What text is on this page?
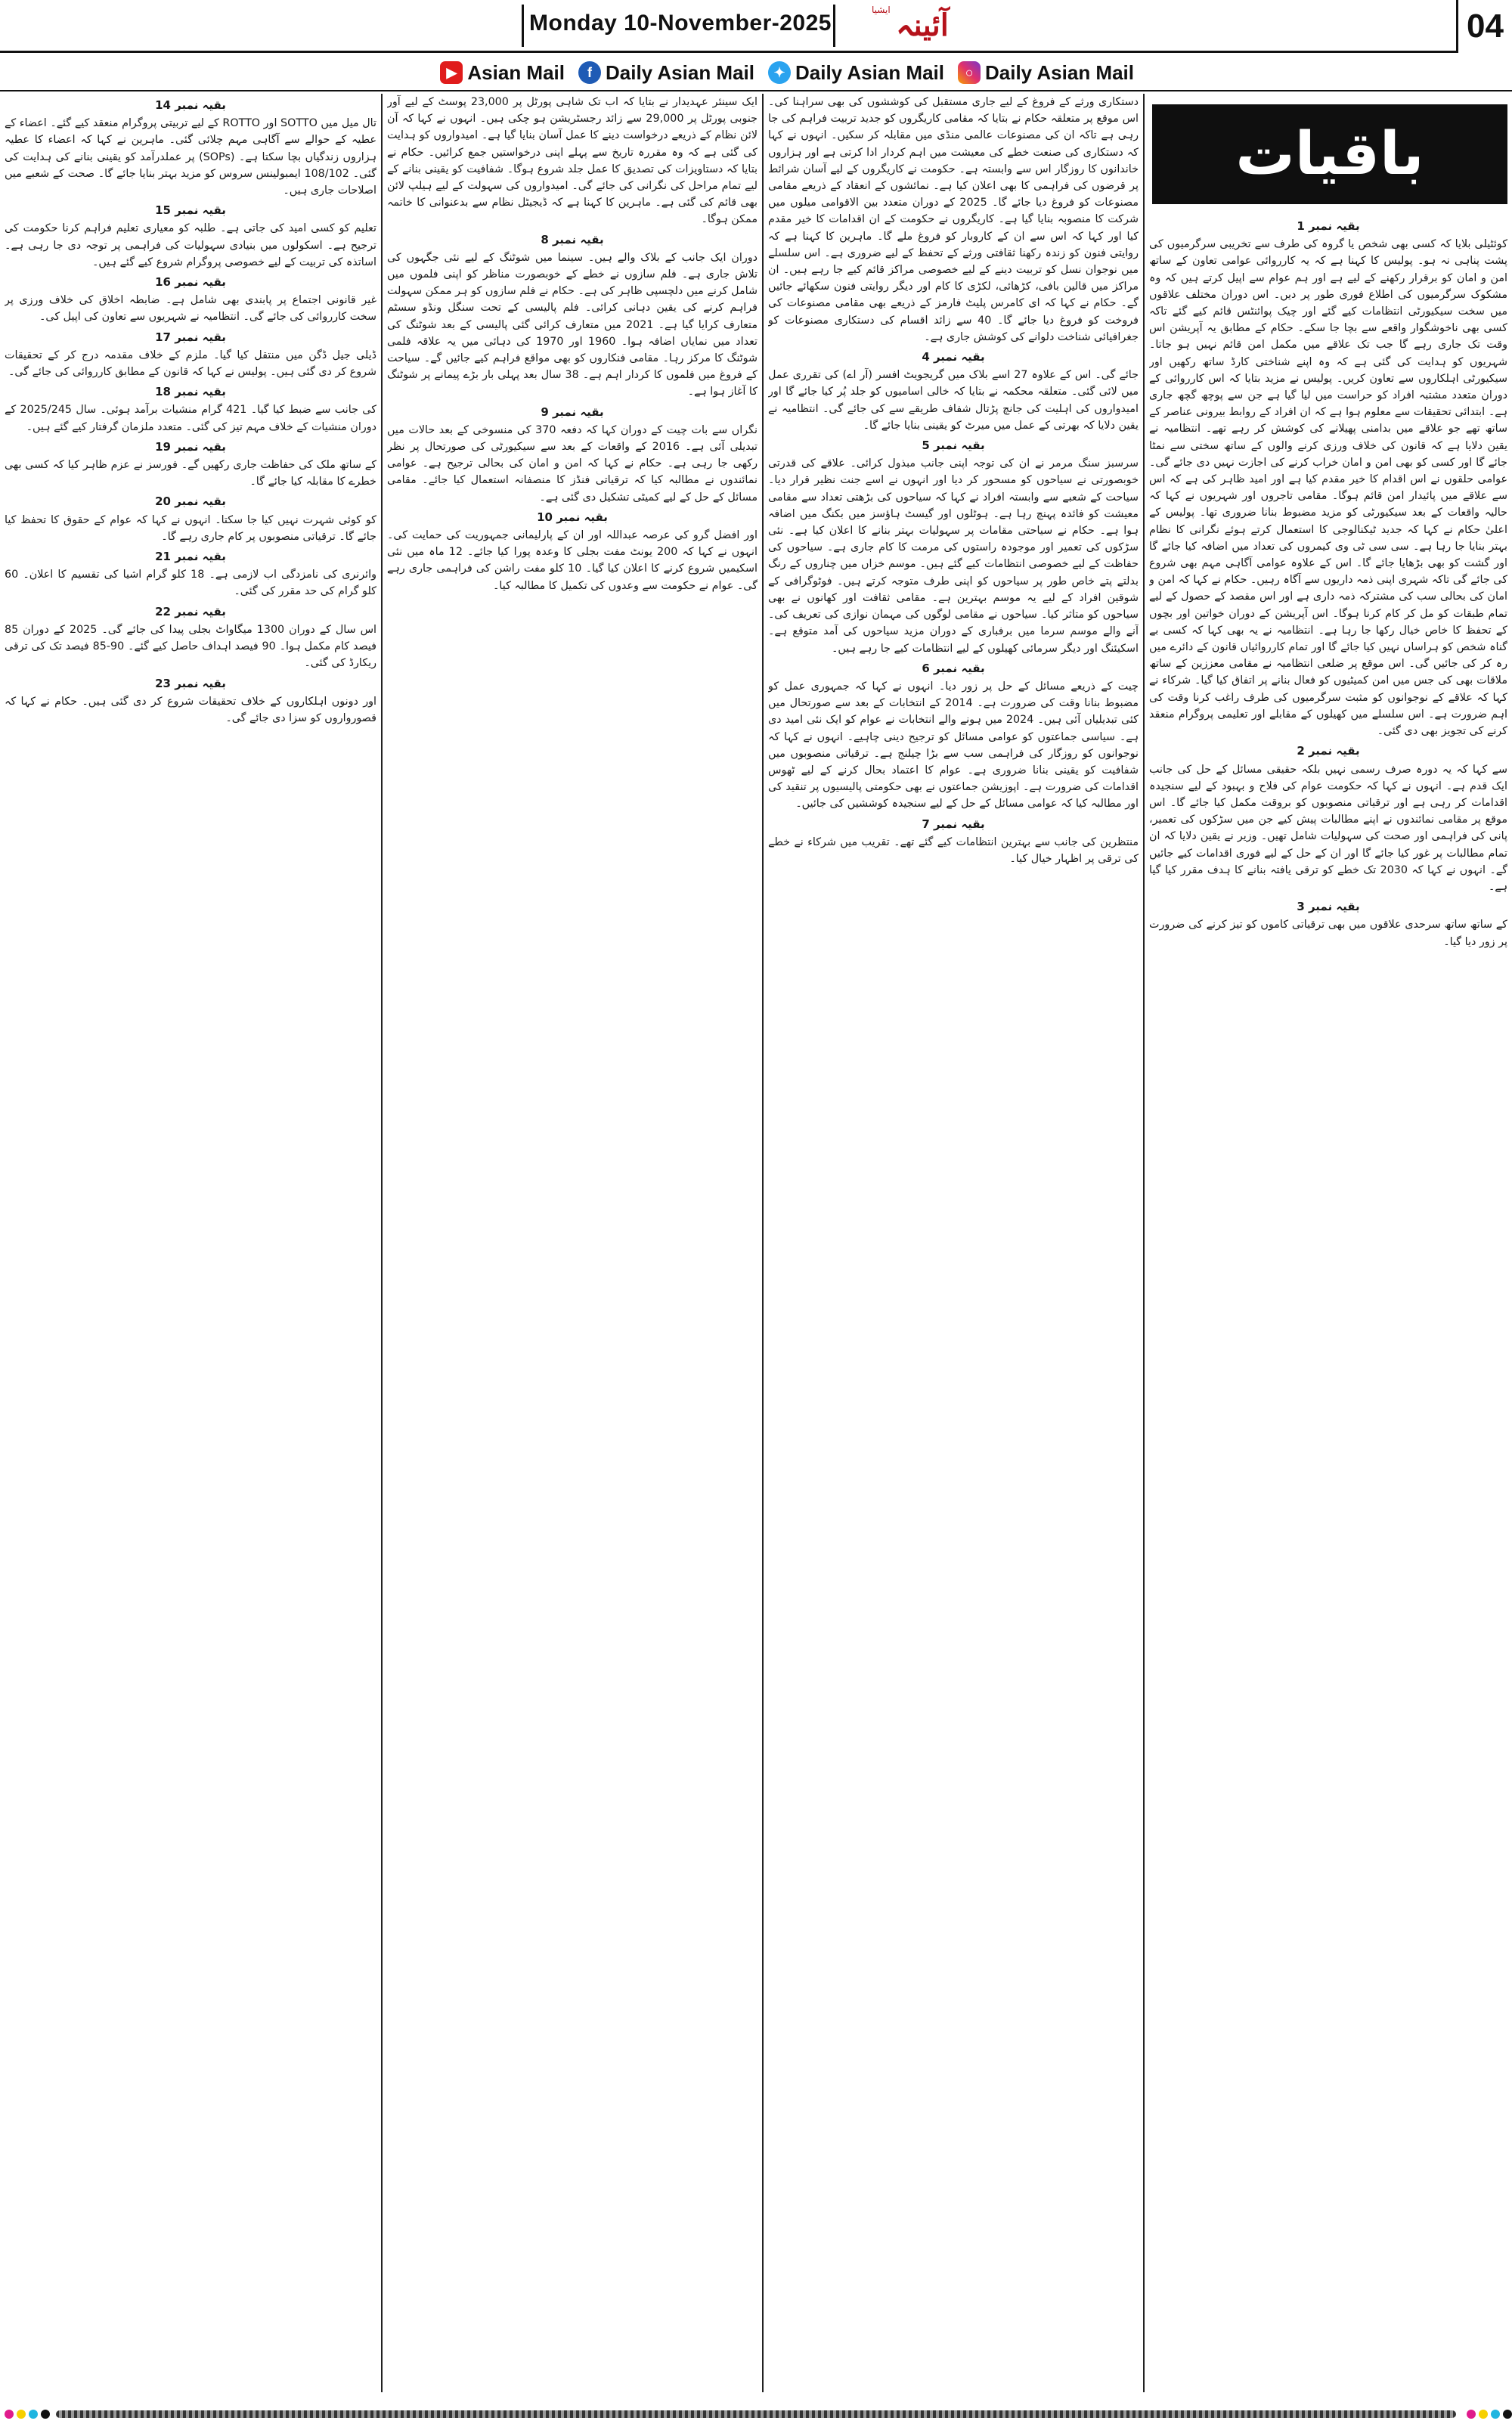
Monday 10-November-2025
ایشیا آئینہ	04
▶ Asian Mail	f Daily Asian Mail	✦ Daily Asian Mail	○ Daily Asian Mail
بقیہ نمبر 1

کوئٹیلی بلایا کہ کسی بھی شخص یا گروہ کی طرف سے تخریبی سرگرمیوں کی پشت پناہی نہ ہو۔ پولیس کا کہنا ہے کہ یہ کارروائی عوامی تعاون کے ساتھ امن و امان کو برقرار رکھنے کے لیے ہے اور ہم عوام سے اپیل کرتے ہیں کہ وہ مشکوک سرگرمیوں کی اطلاع فوری طور پر دیں۔ اس دوران مختلف علاقوں میں سخت سیکیورٹی انتظامات کیے گئے اور چیک پوائنٹس قائم کیے گئے تاکہ کسی بھی ناخوشگوار واقعے سے بچا جا سکے۔ حکام کے مطابق یہ آپریشن اس وقت تک جاری رہے گا جب تک علاقے میں مکمل امن قائم نہیں ہو جاتا۔ شہریوں کو ہدایت کی گئی ہے کہ وہ اپنے شناختی کارڈ ساتھ رکھیں اور سیکیورٹی اہلکاروں سے تعاون کریں۔ پولیس نے مزید بتایا کہ اس کارروائی کے دوران متعدد مشتبہ افراد کو حراست میں لیا گیا ہے جن سے پوچھ گچھ جاری ہے۔ ابتدائی تحقیقات سے معلوم ہوا ہے کہ ان افراد کے روابط بیرونی عناصر کے ساتھ تھے جو علاقے میں بدامنی پھیلانے کی کوشش کر رہے تھے۔ انتظامیہ نے یقین دلایا ہے کہ قانون کی خلاف ورزی کرنے والوں کے ساتھ سختی سے نمٹا جائے گا اور کسی کو بھی امن و امان خراب کرنے کی اجازت نہیں دی جائے گی۔ عوامی حلقوں نے اس اقدام کا خیر مقدم کیا ہے اور امید ظاہر کی ہے کہ اس سے علاقے میں پائیدار امن قائم ہوگا۔ مقامی تاجروں اور شہریوں نے کہا کہ حالیہ واقعات کے بعد سیکیورٹی کو مزید مضبوط بنانا ضروری تھا۔ پولیس کے اعلیٰ حکام نے کہا کہ جدید ٹیکنالوجی کا استعمال کرتے ہوئے نگرانی کا نظام بہتر بنایا جا رہا ہے۔ سی سی ٹی وی کیمروں کی تعداد میں اضافہ کیا جائے گا اور گشت کو بھی بڑھایا جائے گا۔ اس کے علاوہ عوامی آگاہی مہم بھی شروع کی جائے گی تاکہ شہری اپنی ذمہ داریوں سے آگاہ رہیں۔ حکام نے کہا کہ امن و امان کی بحالی سب کی مشترکہ ذمہ داری ہے اور اس مقصد کے حصول کے لیے تمام طبقات کو مل کر کام کرنا ہوگا۔ اس آپریشن کے دوران خواتین اور بچوں کے تحفظ کا خاص خیال رکھا جا رہا ہے۔ انتظامیہ نے یہ بھی کہا کہ کسی بے گناہ شخص کو ہراساں نہیں کیا جائے گا اور تمام کارروائیاں قانون کے دائرے میں رہ کر کی جائیں گی۔ اس موقع پر ضلعی انتظامیہ نے مقامی معززین کے ساتھ ملاقات بھی کی جس میں امن کمیٹیوں کو فعال بنانے پر اتفاق کیا گیا۔ شرکاء نے کہا کہ علاقے کے نوجوانوں کو مثبت سرگرمیوں کی طرف راغب کرنا وقت کی اہم ضرورت ہے۔ اس سلسلے میں کھیلوں کے مقابلے اور تعلیمی پروگرام منعقد کرنے کی تجویز بھی دی گئی۔

بقیہ نمبر 2

سے کہا کہ یہ دورہ صرف رسمی نہیں بلکہ حقیقی مسائل کے حل کی جانب ایک قدم ہے۔ انہوں نے کہا کہ حکومت عوام کی فلاح و بہبود کے لیے سنجیدہ اقدامات کر رہی ہے اور ترقیاتی منصوبوں کو بروقت مکمل کیا جائے گا۔ اس موقع پر مقامی نمائندوں نے اپنے مطالبات پیش کیے جن میں سڑکوں کی تعمیر، پانی کی فراہمی اور صحت کی سہولیات شامل تھیں۔ وزیر نے یقین دلایا کہ ان تمام مطالبات پر غور کیا جائے گا اور ان کے حل کے لیے فوری اقدامات کیے جائیں گے۔ انہوں نے کہا کہ 2030 تک خطے کو ترقی یافتہ بنانے کا ہدف مقرر کیا گیا ہے۔

بقیہ نمبر 3

کے ساتھ ساتھ سرحدی علاقوں میں بھی ترقیاتی کاموں کو تیز کرنے کی ضرورت پر زور دیا گیا۔

دستکاری ورثے کے فروغ کے لیے جاری مستقبل کی کوششوں کی بھی سراہنا کی۔ اس موقع پر متعلقہ حکام نے بتایا کہ مقامی کاریگروں کو جدید تربیت فراہم کی جا رہی ہے تاکہ ان کی مصنوعات عالمی منڈی میں مقابلہ کر سکیں۔ انہوں نے کہا کہ دستکاری کی صنعت خطے کی معیشت میں اہم کردار ادا کرتی ہے اور ہزاروں خاندانوں کا روزگار اس سے وابستہ ہے۔ حکومت نے کاریگروں کے لیے آسان شرائط پر قرضوں کی فراہمی کا بھی اعلان کیا ہے۔ نمائشوں کے انعقاد کے ذریعے مقامی مصنوعات کو فروغ دیا جائے گا۔ 2025 کے دوران متعدد بین الاقوامی میلوں میں شرکت کا منصوبہ بنایا گیا ہے۔ کاریگروں نے حکومت کے ان اقدامات کا خیر مقدم کیا اور کہا کہ اس سے ان کے کاروبار کو فروغ ملے گا۔ ماہرین کا کہنا ہے کہ روایتی فنون کو زندہ رکھنا ثقافتی ورثے کے تحفظ کے لیے ضروری ہے۔ اس سلسلے میں نوجوان نسل کو تربیت دینے کے لیے خصوصی مراکز قائم کیے جا رہے ہیں۔ ان مراکز میں قالین بافی، کڑھائی، لکڑی کا کام اور دیگر روایتی فنون سکھائے جائیں گے۔ حکام نے کہا کہ ای کامرس پلیٹ فارمز کے ذریعے بھی مقامی مصنوعات کی فروخت کو فروغ دیا جائے گا۔ 40 سے زائد اقسام کی دستکاری مصنوعات کو جغرافیائی شناخت دلوانے کی کوشش جاری ہے۔

بقیہ نمبر 4

جائے گی۔ اس کے علاوہ 27 اسے بلاک میں گریجویٹ افسر (آر اے) کی تقرری عمل میں لائی گئی۔ متعلقہ محکمہ نے بتایا کہ خالی اسامیوں کو جلد پُر کیا جائے گا اور امیدواروں کی اہلیت کی جانچ پڑتال شفاف طریقے سے کی جائے گی۔ انتظامیہ نے یقین دلایا کہ بھرتی کے عمل میں میرٹ کو یقینی بنایا جائے گا۔

بقیہ نمبر 5

سرسبز سنگ مرمر نے ان کی توجہ اپنی جانب مبذول کرائی۔ علاقے کی قدرتی خوبصورتی نے سیاحوں کو مسحور کر دیا اور انہوں نے اسے جنت نظیر قرار دیا۔ سیاحت کے شعبے سے وابستہ افراد نے کہا کہ سیاحوں کی بڑھتی تعداد سے مقامی معیشت کو فائدہ پہنچ رہا ہے۔ ہوٹلوں اور گیسٹ ہاؤسز میں بکنگ میں اضافہ ہوا ہے۔ حکام نے سیاحتی مقامات پر سہولیات بہتر بنانے کا اعلان کیا ہے۔ نئی سڑکوں کی تعمیر اور موجودہ راستوں کی مرمت کا کام جاری ہے۔ سیاحوں کی حفاظت کے لیے خصوصی انتظامات کیے گئے ہیں۔ موسم خزاں میں چناروں کے رنگ بدلتے پتے خاص طور پر سیاحوں کو اپنی طرف متوجہ کرتے ہیں۔ فوٹوگرافی کے شوقین افراد کے لیے یہ موسم بہترین ہے۔ مقامی ثقافت اور کھانوں نے بھی سیاحوں کو متاثر کیا۔ سیاحوں نے مقامی لوگوں کی مہمان نوازی کی تعریف کی۔ آنے والے موسم سرما میں برفباری کے دوران مزید سیاحوں کی آمد متوقع ہے۔ اسکیئنگ اور دیگر سرمائی کھیلوں کے لیے انتظامات کیے جا رہے ہیں۔

بقیہ نمبر 6

چیت کے ذریعے مسائل کے حل پر زور دیا۔ انہوں نے کہا کہ جمہوری عمل کو مضبوط بنانا وقت کی ضرورت ہے۔ 2014 کے انتخابات کے بعد سے صورتحال میں کئی تبدیلیاں آئی ہیں۔ 2024 میں ہونے والے انتخابات نے عوام کو ایک نئی امید دی ہے۔ سیاسی جماعتوں کو عوامی مسائل کو ترجیح دینی چاہیے۔ انہوں نے کہا کہ نوجوانوں کو روزگار کی فراہمی سب سے بڑا چیلنج ہے۔ ترقیاتی منصوبوں میں شفافیت کو یقینی بنانا ضروری ہے۔ عوام کا اعتماد بحال کرنے کے لیے ٹھوس اقدامات کی ضرورت ہے۔ اپوزیشن جماعتوں نے بھی حکومتی پالیسیوں پر تنقید کی اور مطالبہ کیا کہ عوامی مسائل کے حل کے لیے سنجیدہ کوششیں کی جائیں۔

بقیہ نمبر 7

منتظرین کی جانب سے بہترین انتظامات کیے گئے تھے۔ تقریب میں شرکاء نے خطے کی ترقی پر اظہار خیال کیا۔

ایک سینئر عہدیدار نے بتایا کہ اب تک شاہی پورٹل پر 23,000 پوسٹ کے لیے آور جنوبی پورٹل پر 29,000 سے زائد رجسٹریشن ہو چکی ہیں۔ انہوں نے کہا کہ آن لائن نظام کے ذریعے درخواست دینے کا عمل آسان بنایا گیا ہے۔ امیدواروں کو ہدایت کی گئی ہے کہ وہ مقررہ تاریخ سے پہلے اپنی درخواستیں جمع کرائیں۔ حکام نے بتایا کہ دستاویزات کی تصدیق کا عمل جلد شروع ہوگا۔ شفافیت کو یقینی بنانے کے لیے تمام مراحل کی نگرانی کی جائے گی۔ امیدواروں کی سہولت کے لیے ہیلپ لائن بھی قائم کی گئی ہے۔ ماہرین کا کہنا ہے کہ ڈیجیٹل نظام سے بدعنوانی کا خاتمہ ممکن ہوگا۔

بقیہ نمبر 8

دوران ایک جانب کے بلاک والے ہیں۔ سینما میں شوٹنگ کے لیے نئی جگہوں کی تلاش جاری ہے۔ فلم سازوں نے خطے کے خوبصورت مناظر کو اپنی فلموں میں شامل کرنے میں دلچسپی ظاہر کی ہے۔ حکام نے فلم سازوں کو ہر ممکن سہولت فراہم کرنے کی یقین دہانی کرائی۔ فلم پالیسی کے تحت سنگل ونڈو سسٹم متعارف کرایا گیا ہے۔ 2021 میں متعارف کرائی گئی پالیسی کے بعد شوٹنگ کی تعداد میں نمایاں اضافہ ہوا۔ 1960 اور 1970 کی دہائی میں یہ علاقہ فلمی شوٹنگ کا مرکز رہا۔ مقامی فنکاروں کو بھی مواقع فراہم کیے جائیں گے۔ سیاحت کے فروغ میں فلموں کا کردار اہم ہے۔ 38 سال بعد پہلی بار بڑے پیمانے پر شوٹنگ کا آغاز ہوا ہے۔

بقیہ نمبر 9

نگراں سے بات چیت کے دوران کہا کہ دفعہ 370 کی منسوخی کے بعد حالات میں تبدیلی آئی ہے۔ 2016 کے واقعات کے بعد سے سیکیورٹی کی صورتحال پر نظر رکھی جا رہی ہے۔ حکام نے کہا کہ امن و امان کی بحالی ترجیح ہے۔ عوامی نمائندوں نے مطالبہ کیا کہ ترقیاتی فنڈز کا منصفانہ استعمال کیا جائے۔ مقامی مسائل کے حل کے لیے کمیٹی تشکیل دی گئی ہے۔

بقیہ نمبر 10

اور افضل گرو کی عرصہ عبداللہ اور ان کے پارلیمانی جمہوریت کی حمایت کی۔ انہوں نے کہا کہ 200 یونٹ مفت بجلی کا وعدہ پورا کیا جائے۔ 12 ماہ میں نئی اسکیمیں شروع کرنے کا اعلان کیا گیا۔ 10 کلو مفت راشن کی فراہمی جاری رہے گی۔ عوام نے حکومت سے وعدوں کی تکمیل کا مطالبہ کیا۔

بقیہ نمبر 14

تال میل میں SOTTO اور ROTTO کے لیے تربیتی پروگرام منعقد کیے گئے۔ اعضاء کے عطیہ کے حوالے سے آگاہی مہم چلائی گئی۔ ماہرین نے کہا کہ اعضاء کا عطیہ ہزاروں زندگیاں بچا سکتا ہے۔ (SOPs) پر عملدرآمد کو یقینی بنانے کی ہدایت کی گئی۔ 108/102 ایمبولینس سروس کو مزید بہتر بنایا جائے گا۔ صحت کے شعبے میں اصلاحات جاری ہیں۔

بقیہ نمبر 15

تعلیم کو کسی امید کی جاتی ہے۔ طلبہ کو معیاری تعلیم فراہم کرنا حکومت کی ترجیح ہے۔ اسکولوں میں بنیادی سہولیات کی فراہمی پر توجہ دی جا رہی ہے۔ اساتذہ کی تربیت کے لیے خصوصی پروگرام شروع کیے گئے ہیں۔

بقیہ نمبر 16

غیر قانونی اجتماع پر پابندی بھی شامل ہے۔ ضابطہ اخلاق کی خلاف ورزی پر سخت کارروائی کی جائے گی۔ انتظامیہ نے شہریوں سے تعاون کی اپیل کی۔

بقیہ نمبر 17

ڈیلی جیل ڈگن میں منتقل کیا گیا۔ ملزم کے خلاف مقدمہ درج کر کے تحقیقات شروع کر دی گئی ہیں۔ پولیس نے کہا کہ قانون کے مطابق کارروائی کی جائے گی۔

بقیہ نمبر 18

کی جانب سے ضبط کیا گیا۔ 421 گرام منشیات برآمد ہوئی۔ سال 2025/245 کے دوران منشیات کے خلاف مہم تیز کی گئی۔ متعدد ملزمان گرفتار کیے گئے ہیں۔

بقیہ نمبر 19

کے ساتھ ملک کی حفاظت جاری رکھیں گے۔ فورسز نے عزم ظاہر کیا کہ کسی بھی خطرے کا مقابلہ کیا جائے گا۔

بقیہ نمبر 20

کو کوئی شہرت نہیں کیا جا سکتا۔ انہوں نے کہا کہ عوام کے حقوق کا تحفظ کیا جائے گا۔ ترقیاتی منصوبوں پر کام جاری رہے گا۔

بقیہ نمبر 21

وائرنری کی نامزدگی اب لازمی ہے۔ 18 کلو گرام اشیا کی تقسیم کا اعلان۔ 60 کلو گرام کی حد مقرر کی گئی۔

بقیہ نمبر 22

اس سال کے دوران 1300 میگاواٹ بجلی پیدا کی جائے گی۔ 2025 کے دوران 85 فیصد کام مکمل ہوا۔ 90 فیصد اہداف حاصل کیے گئے۔ 90-85 فیصد تک کی ترقی ریکارڈ کی گئی۔

بقیہ نمبر 23

اور دونوں اہلکاروں کے خلاف تحقیقات شروع کر دی گئی ہیں۔ حکام نے کہا کہ قصورواروں کو سزا دی جائے گی۔

باقیات
